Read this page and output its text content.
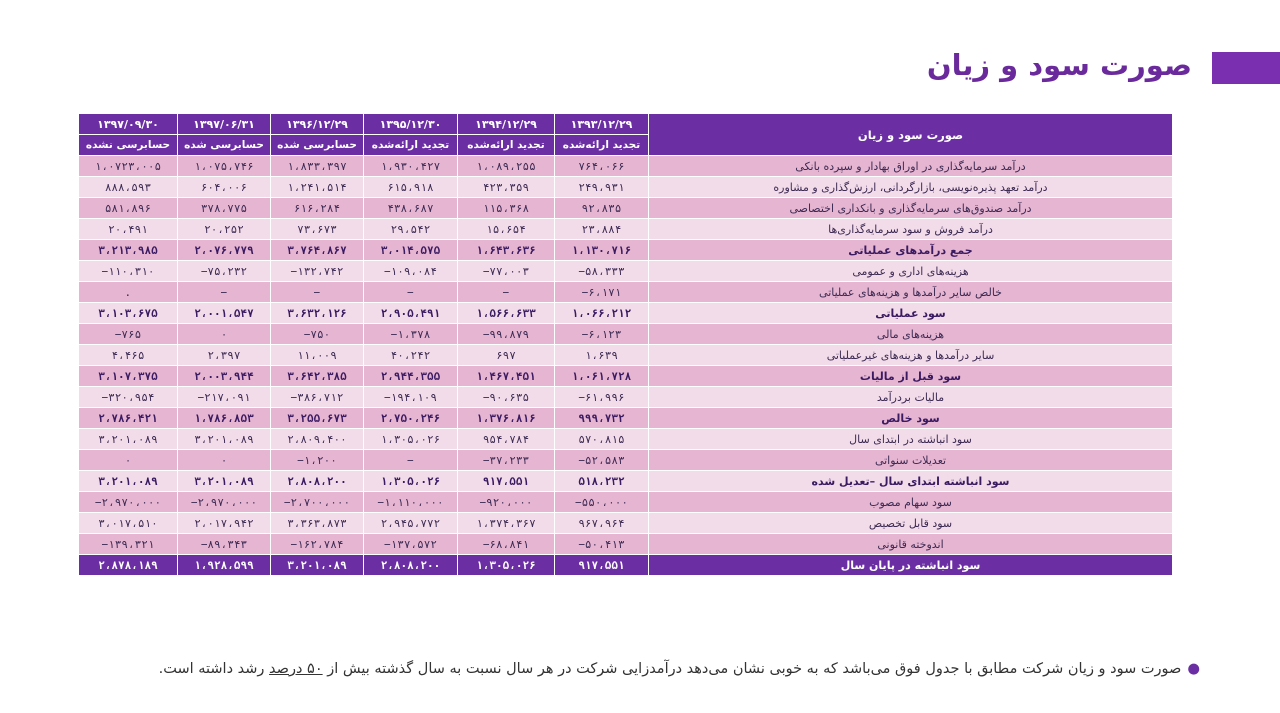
صورت سود و زیان
۱۳۹۷/۰۹/۳۰	۱۳۹۷/۰۶/۳۱	۱۳۹۶/۱۲/۲۹	۱۳۹۵/۱۲/۳۰	۱۳۹۴/۱۲/۲۹	۱۳۹۳/۱۲/۲۹	صورت سود و زیان
حسابرسی نشده	حسابرسی شده	حسابرسی شده	تجدید ارائه‌شده	تجدید ارائه‌شده	تجدید ارائه‌شده	
۱،۰۷۲۳،۰۰۵	۱،۰۷۵،۷۴۶	۱،۸۳۳،۳۹۷	۱،۹۳۰،۴۲۷	۱،۰۸۹،۲۵۵	۷۶۴،۰۶۶	درآمد سرمایه‌گذاری در اوراق بهادار و سپرده بانکی
۸۸۸،۵۹۳	۶۰۴،۰۰۶	۱،۲۴۱،۵۱۴	۶۱۵،۹۱۸	۴۲۳،۳۵۹	۲۴۹،۹۳۱	درآمد تعهد پذیره‌نویسی، بازارگردانی، ارزش‌گذاری و مشاوره
۵۸۱،۸۹۶	۳۷۸،۷۷۵	۶۱۶،۲۸۴	۴۳۸،۶۸۷	۱۱۵،۳۶۸	۹۲،۸۳۵	درآمد صندوق‌های سرمایه‌گذاری و بانکداری اختصاصی
۲۰،۴۹۱	۲۰،۲۵۲	۷۳،۶۷۳	۲۹،۵۴۲	۱۵،۶۵۴	۲۳،۸۸۴	درآمد فروش و سود سرمایه‌گذاری‌ها
۳،۲۱۳،۹۸۵	۲،۰۷۶،۷۷۹	۳،۷۶۴،۸۶۷	۳،۰۱۴،۵۷۵	۱،۶۴۳،۶۳۶	۱،۱۳۰،۷۱۶	جمع درآمدهای عملیاتی
−۱۱۰،۳۱۰	−۷۵،۲۳۲	−۱۳۲،۷۴۲	−۱۰۹،۰۸۴	−۷۷،۰۰۳	−۵۸،۳۳۳	هزینه‌های اداری و عمومی
.	−	−	−	−	−۶،۱۷۱	خالص سایر درآمدها و هزینه‌های عملیاتی
۳،۱۰۳،۶۷۵	۲،۰۰۱،۵۴۷	۳،۶۳۲،۱۲۶	۲،۹۰۵،۴۹۱	۱،۵۶۶،۶۳۳	۱،۰۶۶،۲۱۲	سود عملیاتی
−۷۶۵	۰	−۷۵۰	−۱،۳۷۸	−۹۹،۸۷۹	−۶،۱۲۳	هزینه‌های مالی
۴،۴۶۵	۲،۳۹۷	۱۱،۰۰۹	۴۰،۲۴۲	۶۹۷	۱،۶۳۹	سایر درآمدها و هزینه‌های غیرعملیاتی
۳،۱۰۷،۳۷۵	۲،۰۰۳،۹۴۴	۳،۶۴۲،۳۸۵	۲،۹۴۴،۳۵۵	۱،۴۶۷،۴۵۱	۱،۰۶۱،۷۲۸	سود قبل از مالیات
−۳۲۰،۹۵۴	−۲۱۷،۰۹۱	−۳۸۶،۷۱۲	−۱۹۴،۱۰۹	−۹۰،۶۳۵	−۶۱،۹۹۶	مالیات بردرآمد
۲،۷۸۶،۴۲۱	۱،۷۸۶،۸۵۳	۳،۲۵۵،۶۷۳	۲،۷۵۰،۲۴۶	۱،۳۷۶،۸۱۶	۹۹۹،۷۳۲	سود خالص
۳،۲۰۱،۰۸۹	۳،۲۰۱،۰۸۹	۲،۸۰۹،۴۰۰	۱،۳۰۵،۰۲۶	۹۵۴،۷۸۴	۵۷۰،۸۱۵	سود انباشته در ابتدای سال
۰	۰	−۱،۲۰۰	−	−۳۷،۲۳۳	−۵۲،۵۸۳	تعدیلات سنواتی
۳،۲۰۱،۰۸۹	۳،۲۰۱،۰۸۹	۲،۸۰۸،۲۰۰	۱،۳۰۵،۰۲۶	۹۱۷،۵۵۱	۵۱۸،۲۳۲	سود انباشته ابتدای سال –تعدیل شده
−۲،۹۷۰،۰۰۰	−۲،۹۷۰،۰۰۰	−۲،۷۰۰،۰۰۰	−۱،۱۱۰،۰۰۰	−۹۲۰،۰۰۰	−۵۵۰،۰۰۰	سود سهام مصوب
۳،۰۱۷،۵۱۰	۲،۰۱۷،۹۴۲	۳،۳۶۳،۸۷۳	۲،۹۴۵،۷۷۲	۱،۳۷۴،۳۶۷	۹۶۷،۹۶۴	سود قابل تخصیص
−۱۳۹،۳۲۱	−۸۹،۳۴۳	−۱۶۲،۷۸۴	−۱۳۷،۵۷۲	−۶۸،۸۴۱	−۵۰،۴۱۳	اندوخته قانونی
۲،۸۷۸،۱۸۹	۱،۹۲۸،۵۹۹	۳،۲۰۱،۰۸۹	۲،۸۰۸،۲۰۰	۱،۳۰۵،۰۲۶	۹۱۷،۵۵۱	سود انباشته در پایان سال
●صورت سود و زیان شرکت مطابق با جدول فوق می‌باشد که به خوبی نشان می‌دهد درآمدزایی شرکت در هر سال نسبت به سال گذشته بیش از ۵۰ درصد رشد داشته است.
